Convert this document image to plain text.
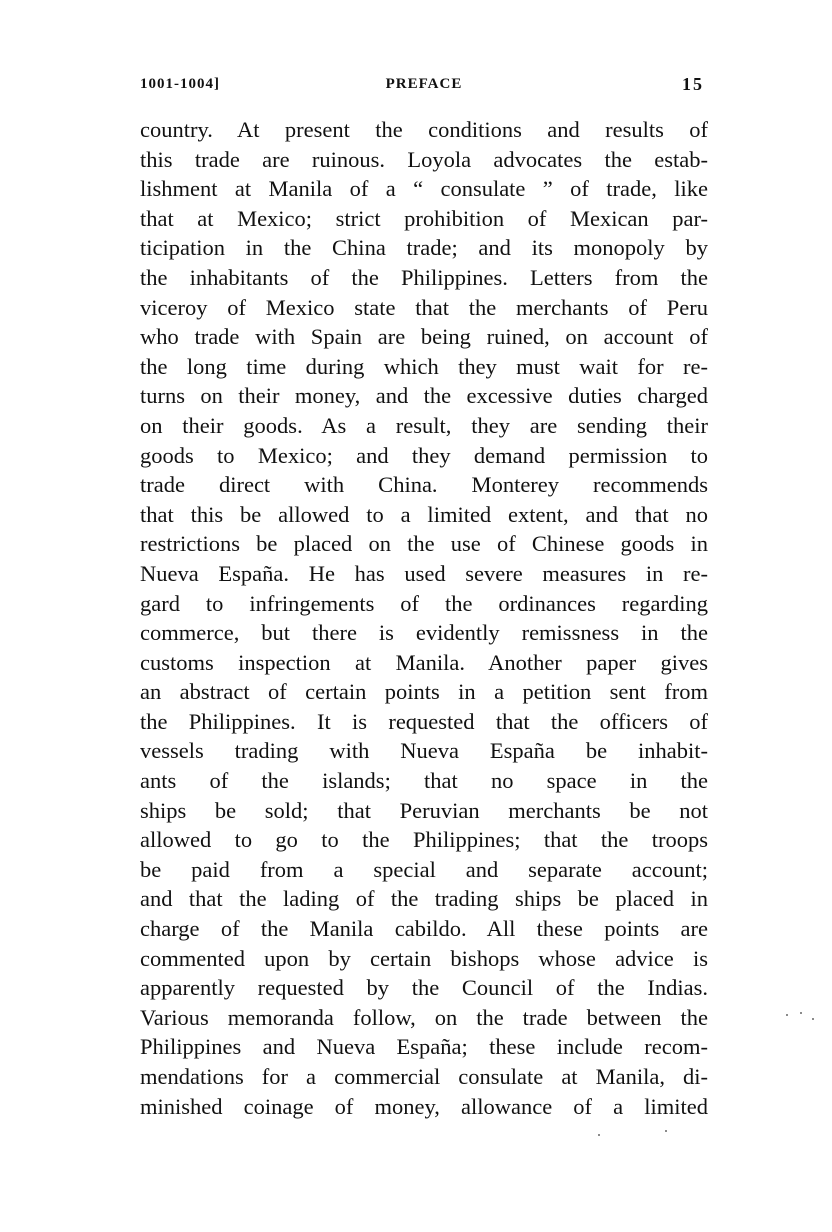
1001-1004]	PREFACE	15
country. At present the conditions and results of
this trade are ruinous. Loyola advocates the estab-
lishment at Manila of a “ consulate ” of trade, like
that at Mexico; strict prohibition of Mexican par-
ticipation in the China trade; and its monopoly by
the inhabitants of the Philippines. Letters from the
viceroy of Mexico state that the merchants of Peru
who trade with Spain are being ruined, on account of
the long time during which they must wait for re-
turns on their money, and the excessive duties charged
on their goods. As a result, they are sending their
goods to Mexico; and they demand permission to
trade direct with China. Monterey recommends
that this be allowed to a limited extent, and that no
restrictions be placed on the use of Chinese goods in
Nueva España. He has used severe measures in re-
gard to infringements of the ordinances regarding
commerce, but there is evidently remissness in the
customs inspection at Manila. Another paper gives
an abstract of certain points in a petition sent from
the Philippines. It is requested that the officers of
vessels trading with Nueva España be inhabit-
ants of the islands; that no space in the
ships be sold; that Peruvian merchants be not
allowed to go to the Philippines; that the troops
be paid from a special and separate account;
and that the lading of the trading ships be placed in
charge of the Manila cabildo. All these points are
commented upon by certain bishops whose advice is
apparently requested by the Council of the Indias.
Various memoranda follow, on the trade between the
Philippines and Nueva España; these include recom-
mendations for a commercial consulate at Manila, di-
minished coinage of money, allowance of a limited
